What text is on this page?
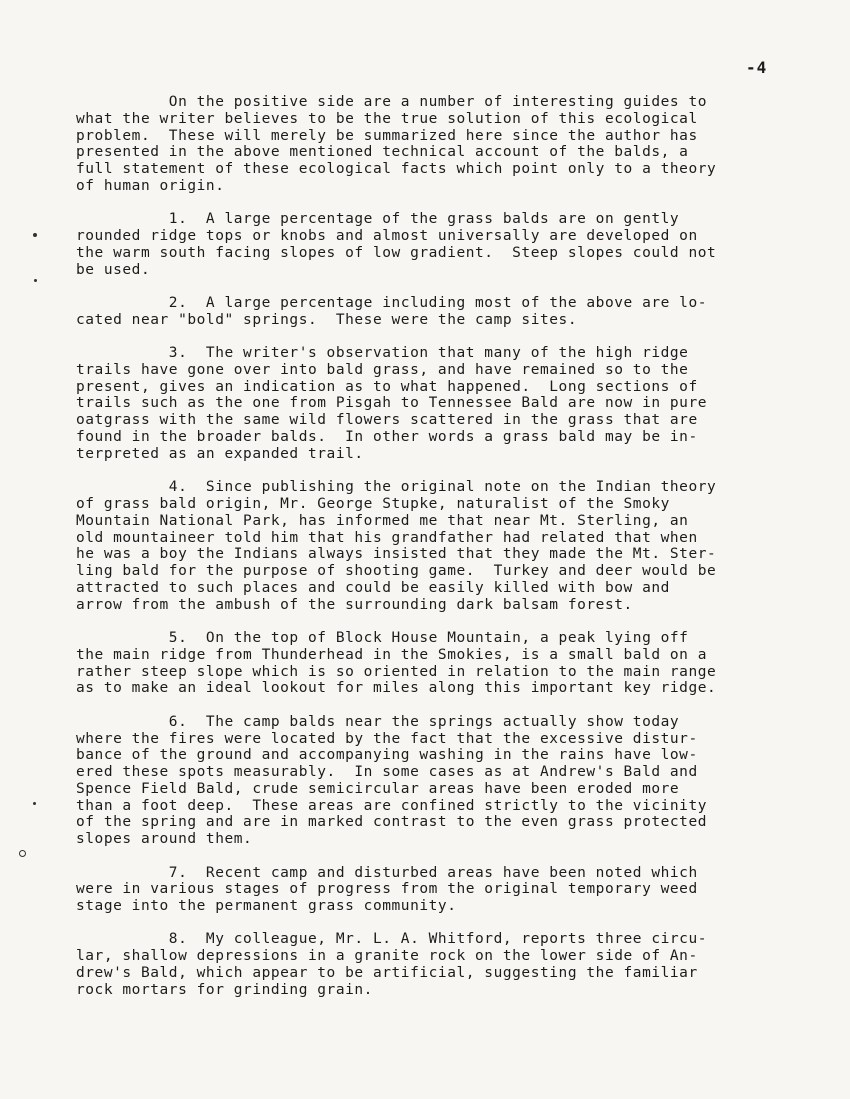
-4
On the positive side are a number of interesting guides to
what the writer believes to be the true solution of this ecological
problem.  These will merely be summarized here since the author has
presented in the above mentioned technical account of the balds, a
full statement of these ecological facts which point only to a theory
of human origin.
1.  A large percentage of the grass balds are on gently
rounded ridge tops or knobs and almost universally are developed on
the warm south facing slopes of low gradient.  Steep slopes could not
be used.
2.  A large percentage including most of the above are lo-
cated near "bold" springs.  These were the camp sites.
3.  The writer's observation that many of the high ridge
trails have gone over into bald grass, and have remained so to the
present, gives an indication as to what happened.  Long sections of
trails such as the one from Pisgah to Tennessee Bald are now in pure
oatgrass with the same wild flowers scattered in the grass that are
found in the broader balds.  In other words a grass bald may be in-
terpreted as an expanded trail.
4.  Since publishing the original note on the Indian theory
of grass bald origin, Mr. George Stupke, naturalist of the Smoky
Mountain National Park, has informed me that near Mt. Sterling, an
old mountaineer told him that his grandfather had related that when
he was a boy the Indians always insisted that they made the Mt. Ster-
ling bald for the purpose of shooting game.  Turkey and deer would be
attracted to such places and could be easily killed with bow and
arrow from the ambush of the surrounding dark balsam forest.
5.  On the top of Block House Mountain, a peak lying off
the main ridge from Thunderhead in the Smokies, is a small bald on a
rather steep slope which is so oriented in relation to the main range
as to make an ideal lookout for miles along this important key ridge.
6.  The camp balds near the springs actually show today
where the fires were located by the fact that the excessive distur-
bance of the ground and accompanying washing in the rains have low-
ered these spots measurably.  In some cases as at Andrew's Bald and
Spence Field Bald, crude semicircular areas have been eroded more
than a foot deep.  These areas are confined strictly to the vicinity
of the spring and are in marked contrast to the even grass protected
slopes around them.
7.  Recent camp and disturbed areas have been noted which
were in various stages of progress from the original temporary weed
stage into the permanent grass community.
8.  My colleague, Mr. L. A. Whitford, reports three circu-
lar, shallow depressions in a granite rock on the lower side of An-
drew's Bald, which appear to be artificial, suggesting the familiar
rock mortars for grinding grain.
